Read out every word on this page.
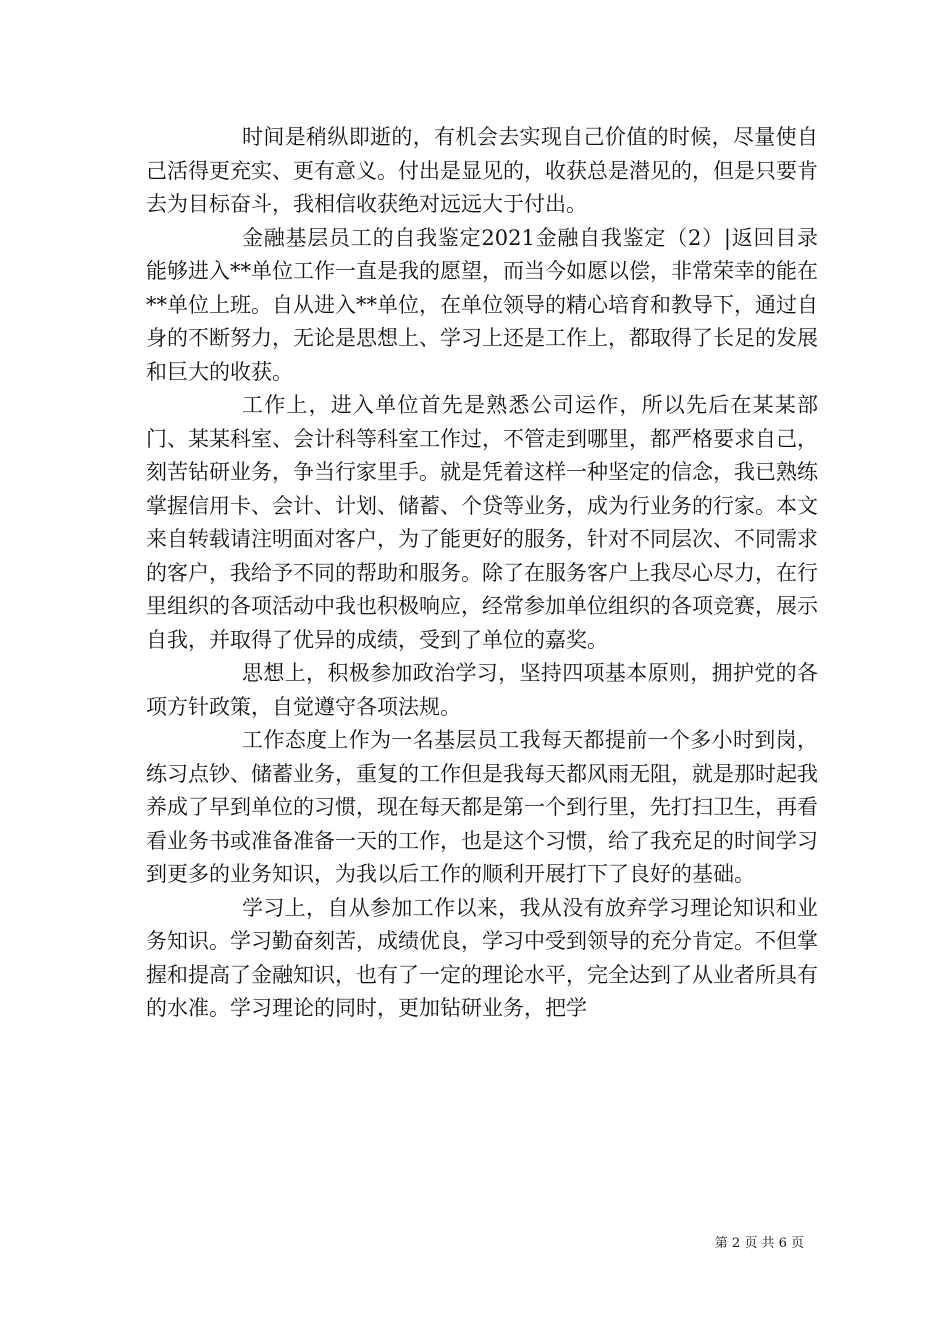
时间是稍纵即逝的，有机会去实现自己价值的时候，尽量使自己活得更充实、更有意义。付出是显见的，收获总是潜见的，但是只要肯去为目标奋斗，我相信收获绝对远远大于付出。

金融基层员工的自我鉴定2021金融自我鉴定（2）|返回目录能够进入**单位工作一直是我的愿望，而当今如愿以偿，非常荣幸的能在**单位上班。自从进入**单位，在单位领导的精心培育和教导下，通过自身的不断努力，无论是思想上、学习上还是工作上，都取得了长足的发展和巨大的收获。

工作上，进入单位首先是熟悉公司运作，所以先后在某某部门、某某科室、会计科等科室工作过，不管走到哪里，都严格要求自己，刻苦钻研业务，争当行家里手。就是凭着这样一种坚定的信念，我已熟练掌握信用卡、会计、计划、储蓄、个贷等业务，成为行业务的行家。本文来自转载请注明面对客户，为了能更好的服务，针对不同层次、不同需求的客户，我给予不同的帮助和服务。除了在服务客户上我尽心尽力，在行里组织的各项活动中我也积极响应，经常参加单位组织的各项竞赛，展示自我，并取得了优异的成绩，受到了单位的嘉奖。

思想上，积极参加政治学习，坚持四项基本原则，拥护党的各项方针政策，自觉遵守各项法规。

工作态度上作为一名基层员工我每天都提前一个多小时到岗，练习点钞、储蓄业务，重复的工作但是我每天都风雨无阻，就是那时起我养成了早到单位的习惯，现在每天都是第一个到行里，先打扫卫生，再看看业务书或准备准备一天的工作，也是这个习惯，给了我充足的时间学习到更多的业务知识，为我以后工作的顺利开展打下了良好的基础。

学习上，自从参加工作以来，我从没有放弃学习理论知识和业务知识。学习勤奋刻苦，成绩优良，学习中受到领导的充分肯定。不但掌握和提高了金融知识，也有了一定的理论水平，完全达到了从业者所具有的水准。学习理论的同时，更加钻研业务，把学

第 2 页 共 6 页
